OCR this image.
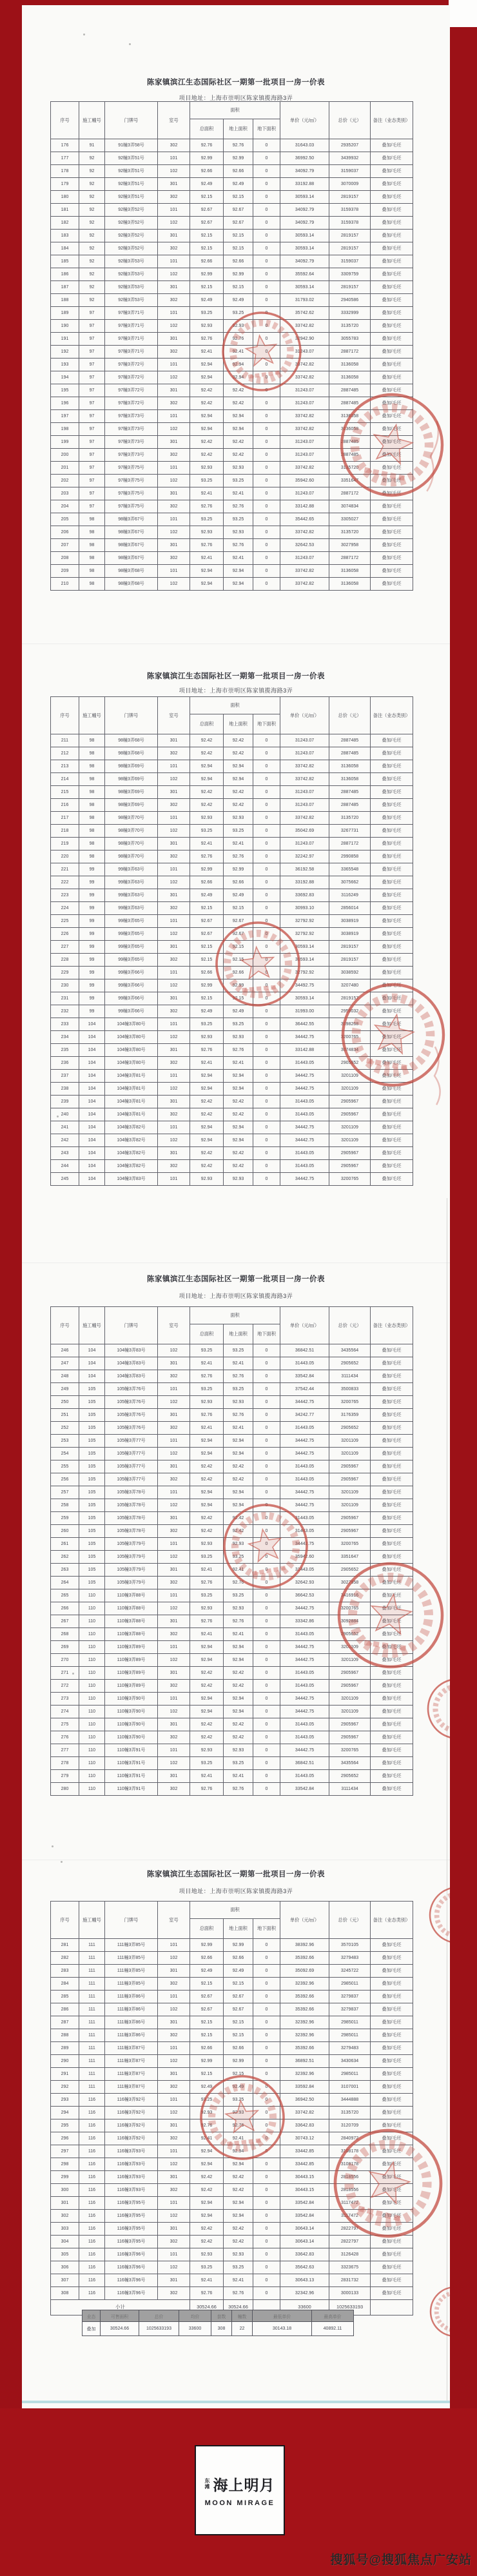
陈家镇滨江生态国际社区一期第一批项目一房一价表
项目地址：上海市崇明区陈家镇揽海路3弄
序号	施工幢号	门牌号	室号	面积			单价（元/㎡）	总价（元）	备注（业态类别）
				总面积	地上面积	地下面积			
176	91	91幢3弄58号	302	92.76	92.76	0	31643.03	2935207	叠加/毛坯
177	92	92幢3弄51号	101	92.99	92.99	0	36992.50	3439932	叠加/毛坯
178	92	92幢3弄51号	102	92.66	92.66	0	34092.79	3159037	叠加/毛坯
179	92	92幢3弄51号	301	92.49	92.49	0	33192.88	3070009	叠加/毛坯
180	92	92幢3弄51号	302	92.15	92.15	0	30593.14	2819157	叠加/毛坯
181	92	92幢3弄52号	101	92.67	92.67	0	34092.79	3159378	叠加/毛坯
182	92	92幢3弄52号	102	92.67	92.67	0	34092.79	3159378	叠加/毛坯
183	92	92幢3弄52号	301	92.15	92.15	0	30593.14	2819157	叠加/毛坯
184	92	92幢3弄52号	302	92.15	92.15	0	30593.14	2819157	叠加/毛坯
185	92	92幢3弄53号	101	92.66	92.66	0	34092.79	3159037	叠加/毛坯
186	92	92幢3弄53号	102	92.99	92.99	0	35592.64	3309759	叠加/毛坯
187	92	92幢3弄53号	301	92.15	92.15	0	30593.14	2819157	叠加/毛坯
188	92	92幢3弄53号	302	92.49	92.49	0	31793.02	2940586	叠加/毛坯
189	97	97幢3弄71号	101	93.25	93.25	0	35742.62	3332999	叠加/毛坯
190	97	97幢3弄71号	102	92.93	92.93	0	33742.82	3135720	叠加/毛坯
191	97	97幢3弄71号	301	92.76	92.76	0	32942.90	3055783	叠加/毛坯
192	97	97幢3弄71号	302	92.41	92.41	0	31243.07	2887172	叠加/毛坯
193	97	97幢3弄72号	101	92.94	92.94	0	33742.82	3136058	叠加/毛坯
194	97	97幢3弄72号	102	92.94	92.94	0	33742.82	3136058	叠加/毛坯
195	97	97幢3弄72号	301	92.42	92.42	0	31243.07	2887485	叠加/毛坯
196	97	97幢3弄72号	302	92.42	92.42	0	31243.07	2887485	叠加/毛坯
197	97	97幢3弄73号	101	92.94	92.94	0	33742.82	3136058	叠加/毛坯
198	97	97幢3弄73号	102	92.94	92.94	0	33742.82	3136058	叠加/毛坯
199	97	97幢3弄73号	301	92.42	92.42	0	31243.07	2887485	叠加/毛坯
200	97	97幢3弄73号	302	92.42	92.42	0	31243.07	2887485	叠加/毛坯
201	97	97幢3弄75号	101	92.93	92.93	0	33742.82	3135720	叠加/毛坯
202	97	97幢3弄75号	102	93.25	93.25	0	35942.60	3351647	叠加/毛坯
203	97	97幢3弄75号	301	92.41	92.41	0	31243.07	2887172	叠加/毛坯
204	97	97幢3弄75号	302	92.76	92.76	0	33142.88	3074834	叠加/毛坯
205	98	98幢3弄67号	101	93.25	93.25	0	35442.65	3305027	叠加/毛坯
206	98	98幢3弄67号	102	92.93	92.93	0	33742.82	3135720	叠加/毛坯
207	98	98幢3弄67号	301	92.76	92.76	0	32642.53	3027958	叠加/毛坯
208	98	98幢3弄67号	302	92.41	92.41	0	31243.07	2887172	叠加/毛坯
209	98	98幢3弄68号	101	92.94	92.94	0	33742.82	3136058	叠加/毛坯
210	98	98幢3弄68号	102	92.94	92.94	0	33742.82	3136058	叠加/毛坯
陈家镇滨江生态国际社区一期第一批项目一房一价表
项目地址：上海市崇明区陈家镇揽海路3弄
序号	施工幢号	门牌号	室号	面积			单价（元/㎡）	总价（元）	备注（业态类别）
				总面积	地上面积	地下面积			
211	98	98幢3弄68号	301	92.42	92.42	0	31243.07	2887485	叠加/毛坯
212	98	98幢3弄68号	302	92.42	92.42	0	31243.07	2887485	叠加/毛坯
213	98	98幢3弄69号	101	92.94	92.94	0	33742.82	3136058	叠加/毛坯
214	98	98幢3弄69号	102	92.94	92.94	0	33742.82	3136058	叠加/毛坯
215	98	98幢3弄69号	301	92.42	92.42	0	31243.07	2887485	叠加/毛坯
216	98	98幢3弄69号	302	92.42	92.42	0	31243.07	2887485	叠加/毛坯
217	98	98幢3弄70号	101	92.93	92.93	0	33742.82	3135720	叠加/毛坯
218	98	98幢3弄70号	102	93.25	93.25	0	35042.69	3267731	叠加/毛坯
219	98	98幢3弄70号	301	92.41	92.41	0	31243.07	2887172	叠加/毛坯
220	98	98幢3弄70号	302	92.76	92.76	0	32242.97	2990858	叠加/毛坯
221	99	99幢3弄63号	101	92.99	92.99	0	36192.58	3365548	叠加/毛坯
222	99	99幢3弄63号	102	92.66	92.66	0	33192.88	3075662	叠加/毛坯
223	99	99幢3弄63号	301	92.49	92.49	0	33692.83	3116249	叠加/毛坯
224	99	99幢3弄63号	302	92.15	92.15	0	30993.10	2856014	叠加/毛坯
225	99	99幢3弄65号	101	92.67	92.67	0	32792.92	3038919	叠加/毛坯
226	99	99幢3弄65号	102	92.67	92.67	0	32792.92	3038919	叠加/毛坯
227	99	99幢3弄65号	301	92.15	92.15	0	30593.14	2819157	叠加/毛坯
228	99	99幢3弄65号	302	92.15	92.15	0	30593.14	2819157	叠加/毛坯
229	99	99幢3弄66号	101	92.66	92.66	0	32792.92	3038592	叠加/毛坯
230	99	99幢3弄66号	102	92.99	92.99	0	34492.75	3207480	叠加/毛坯
231	99	99幢3弄66号	301	92.15	92.15	0	30593.14	2819157	叠加/毛坯
232	99	99幢3弄66号	302	92.49	92.49	0	31993.00	2959032	叠加/毛坯
233	104	104幢3弄80号	101	93.25	93.25	0	36442.55	3398268	叠加/毛坯
234	104	104幢3弄80号	102	92.93	92.93	0	34442.75	3200765	叠加/毛坯
235	104	104幢3弄80号	301	92.76	92.76	0	33142.88	3074834	叠加/毛坯
236	104	104幢3弄80号	302	92.41	92.41	0	31443.05	2905652	叠加/毛坯
237	104	104幢3弄81号	101	92.94	92.94	0	34442.75	3201109	叠加/毛坯
238	104	104幢3弄81号	102	92.94	92.94	0	34442.75	3201109	叠加/毛坯
239	104	104幢3弄81号	301	92.42	92.42	0	31443.05	2905967	叠加/毛坯
240	104	104幢3弄81号	302	92.42	92.42	0	31443.05	2905967	叠加/毛坯
241	104	104幢3弄82号	101	92.94	92.94	0	34442.75	3201109	叠加/毛坯
242	104	104幢3弄82号	102	92.94	92.94	0	34442.75	3201109	叠加/毛坯
243	104	104幢3弄82号	301	92.42	92.42	0	31443.05	2905967	叠加/毛坯
244	104	104幢3弄82号	302	92.42	92.42	0	31443.05	2905967	叠加/毛坯
245	104	104幢3弄83号	101	92.93	92.93	0	34442.75	3200765	叠加/毛坯
陈家镇滨江生态国际社区一期第一批项目一房一价表
项目地址：上海市崇明区陈家镇揽海路3弄
序号	施工幢号	门牌号	室号	面积			单价（元/㎡）	总价（元）	备注（业态类别）
				总面积	地上面积	地下面积			
246	104	104幢3弄83号	102	93.25	93.25	0	36842.51	3435564	叠加/毛坯
247	104	104幢3弄83号	301	92.41	92.41	0	31443.05	2905652	叠加/毛坯
248	104	104幢3弄83号	302	92.76	92.76	0	33542.84	3111434	叠加/毛坯
249	105	105幢3弄76号	101	93.25	93.25	0	37542.44	3500833	叠加/毛坯
250	105	105幢3弄76号	102	92.93	92.93	0	34442.75	3200765	叠加/毛坯
251	105	105幢3弄76号	301	92.76	92.76	0	34242.77	3176359	叠加/毛坯
252	105	105幢3弄76号	302	92.41	92.41	0	31443.05	2905652	叠加/毛坯
253	105	105幢3弄77号	101	92.94	92.94	0	34442.75	3201109	叠加/毛坯
254	105	105幢3弄77号	102	92.94	92.94	0	34442.75	3201109	叠加/毛坯
255	105	105幢3弄77号	301	92.42	92.42	0	31443.05	2905967	叠加/毛坯
256	105	105幢3弄77号	302	92.42	92.42	0	31443.05	2905967	叠加/毛坯
257	105	105幢3弄78号	101	92.94	92.94	0	34442.75	3201109	叠加/毛坯
258	105	105幢3弄78号	102	92.94	92.94	0	34442.75	3201109	叠加/毛坯
259	105	105幢3弄78号	301	92.42	92.42	0	31443.05	2905967	叠加/毛坯
260	105	105幢3弄78号	302	92.42	92.42	0	31443.05	2905967	叠加/毛坯
261	105	105幢3弄79号	101	92.93	92.93	0	34442.75	3200765	叠加/毛坯
262	105	105幢3弄79号	102	93.25	93.25	0	35942.60	3351647	叠加/毛坯
263	105	105幢3弄79号	301	92.41	92.41	0	31443.05	2905652	叠加/毛坯
264	105	105幢3弄79号	302	92.76	92.76	0	32642.93	3027958	叠加/毛坯
265	110	110幢3弄88号	101	93.25	93.25	0	36642.53	3416916	叠加/毛坯
266	110	110幢3弄88号	102	92.93	92.93	0	34442.75	3200765	叠加/毛坯
267	110	110幢3弄88号	301	92.76	92.76	0	33342.86	3092884	叠加/毛坯
268	110	110幢3弄88号	302	92.41	92.41	0	31443.05	2905652	叠加/毛坯
269	110	110幢3弄89号	101	92.94	92.94	0	34442.75	3201109	叠加/毛坯
270	110	110幢3弄89号	102	92.94	92.94	0	34442.75	3201109	叠加/毛坯
271	110	110幢3弄89号	301	92.42	92.42	0	31443.05	2905967	叠加/毛坯
272	110	110幢3弄89号	302	92.42	92.42	0	31443.05	2905967	叠加/毛坯
273	110	110幢3弄90号	101	92.94	92.94	0	34442.75	3201109	叠加/毛坯
274	110	110幢3弄90号	102	92.94	92.94	0	34442.75	3201109	叠加/毛坯
275	110	110幢3弄90号	301	92.42	92.42	0	31443.05	2905967	叠加/毛坯
276	110	110幢3弄90号	302	92.42	92.42	0	31443.05	2905967	叠加/毛坯
277	110	110幢3弄91号	101	92.93	92.93	0	34442.75	3200765	叠加/毛坯
278	110	110幢3弄91号	102	93.25	93.25	0	36842.51	3435564	叠加/毛坯
279	110	110幢3弄91号	301	92.41	92.41	0	31443.05	2905652	叠加/毛坯
280	110	110幢3弄91号	302	92.76	92.76	0	33542.84	3111434	叠加/毛坯
陈家镇滨江生态国际社区一期第一批项目一房一价表
项目地址：上海市崇明区陈家镇揽海路3弄
序号	施工幢号	门牌号	室号	面积			单价（元/㎡）	总价（元）	备注（业态类别）
				总面积	地上面积	地下面积			
281	111	111幢3弄85号	101	92.99	92.99	0	38392.96	3570105	叠加/毛坯
282	111	111幢3弄85号	102	92.66	92.66	0	35392.66	3279483	叠加/毛坯
283	111	111幢3弄85号	301	92.49	92.49	0	35092.69	3245722	叠加/毛坯
284	111	111幢3弄85号	302	92.15	92.15	0	32392.96	2985011	叠加/毛坯
285	111	111幢3弄86号	101	92.67	92.67	0	35392.66	3279837	叠加/毛坯
286	111	111幢3弄86号	102	92.67	92.67	0	35392.66	3279837	叠加/毛坯
287	111	111幢3弄86号	301	92.15	92.15	0	32392.96	2985011	叠加/毛坯
288	111	111幢3弄86号	302	92.15	92.15	0	32392.96	2985011	叠加/毛坯
289	111	111幢3弄87号	101	92.66	92.66	0	35392.66	3279483	叠加/毛坯
290	111	111幢3弄87号	102	92.99	92.99	0	36892.51	3430634	叠加/毛坯
291	111	111幢3弄87号	301	92.15	92.15	0	32392.96	2985011	叠加/毛坯
292	111	111幢3弄87号	302	92.49	92.49	0	33592.84	3107001	叠加/毛坯
293	116	116幢3弄92号	101	93.25	93.25	0	36942.50	3444888	叠加/毛坯
294	116	116幢3弄92号	102	92.93	92.93	0	33742.82	3135720	叠加/毛坯
295	116	116幢3弄92号	301	92.76	92.76	0	33642.83	3120709	叠加/毛坯
296	116	116幢3弄92号	302	92.41	92.41	0	30743.12	2840972	叠加/毛坯
297	116	116幢3弄93号	101	92.94	92.94	0	33442.85	3108178	叠加/毛坯
298	116	116幢3弄93号	102	92.94	92.94	0	33442.85	3108178	叠加/毛坯
299	116	116幢3弄93号	301	92.42	92.42	0	30443.15	2818556	叠加/毛坯
300	116	116幢3弄93号	302	92.42	92.42	0	30443.15	2818556	叠加/毛坯
301	116	116幢3弄95号	101	92.94	92.94	0	33542.84	3117472	叠加/毛坯
302	116	116幢3弄95号	102	92.94	92.94	0	33542.84	3117472	叠加/毛坯
303	116	116幢3弄95号	301	92.42	92.42	0	30643.14	2822797	叠加/毛坯
304	116	116幢3弄95号	302	92.42	92.42	0	30643.14	2822797	叠加/毛坯
305	116	116幢3弄96号	101	92.93	92.93	0	33642.83	3126428	叠加/毛坯
306	116	116幢3弄96号	102	93.25	93.25	0	35642.63	3323675	叠加/毛坯
307	116	116幢3弄96号	301	92.41	92.41	0	30643.13	2831732	叠加/毛坯
308	116	116幢3弄96号	302	92.76	92.76	0	32342.96	3000133	叠加/毛坯
小计				30524.66	30524.66		33600	1025633193	
业态	可售面积	总价	均价	套数	幢数	最低单价	最高单价
叠加	30524.66	1025633193	33600	308	22	30143.18	40892.11
东滩 海上明月
MOON MIRAGE
搜狐号@搜狐焦点广安站
